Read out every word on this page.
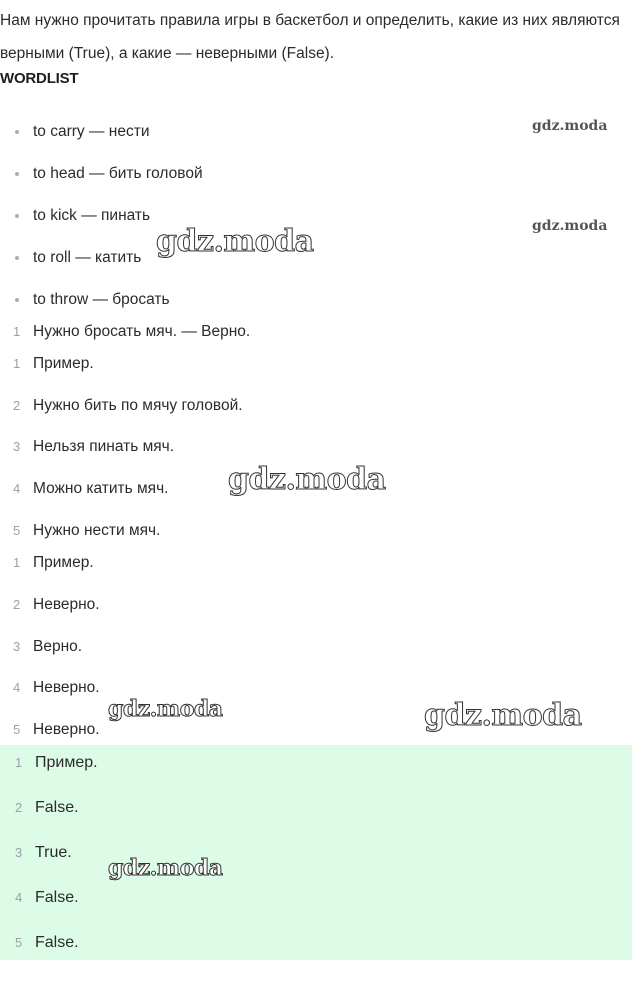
Нам нужно прочитать правила игры в баскетбол и определить, какие из них являются верными (True), а какие — неверными (False).

WORDLIST

to carry — нести
to head — бить головой
to kick — пинать
to roll — катить
to throw — бросать
1 Нужно бросать мяч. — Верно.
1 Пример.
2 Нужно бить по мячу головой.
3 Нельзя пинать мяч.
4 Можно катить мяч.
5 Нужно нести мяч.
1 Пример.
2 Неверно.
3 Верно.
4 Неверно.
5 Неверно.
1 Пример.
2 False.
3 True.
4 False.
5 False.
gdz.moda
gdz.moda
gdz.moda
gdz.moda
gdz.moda	gdz.moda
gdz.moda
